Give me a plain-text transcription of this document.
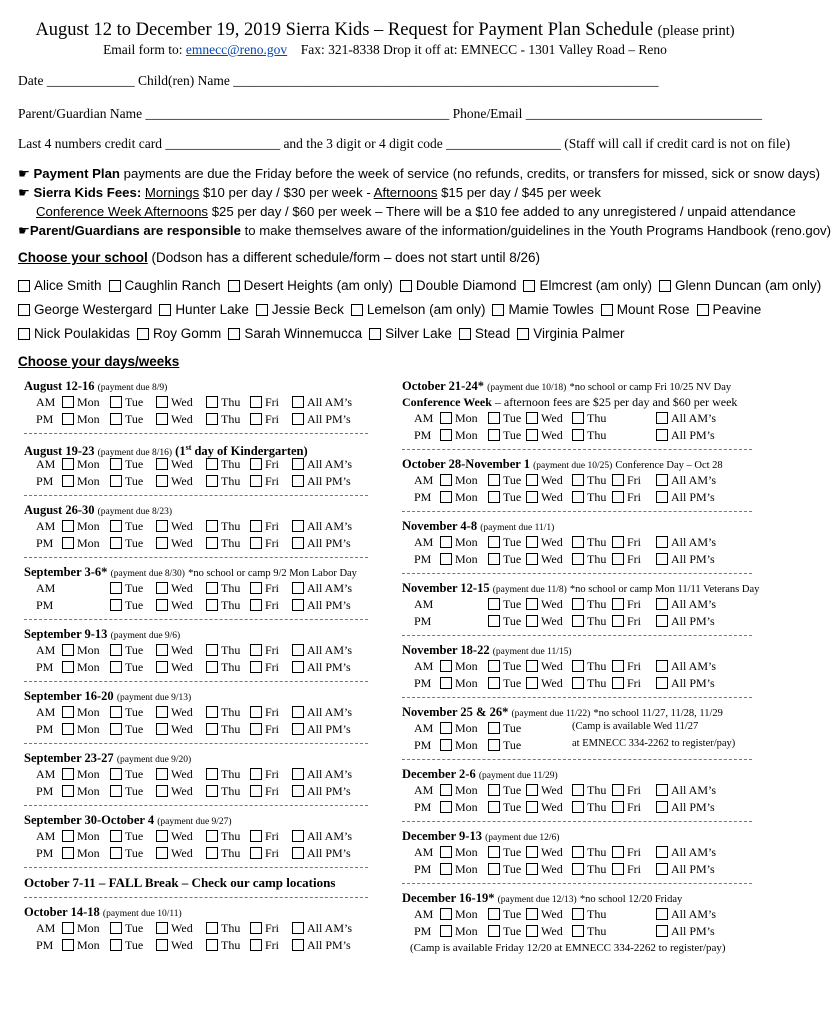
August 12 to December 19, 2019 Sierra Kids – Request for Payment Plan Schedule (please print)
Email form to: emnecc@reno.gov Fax: 321-8338 Drop it off at: EMNECC - 1301 Valley Road – Reno
Date _____________ Child(ren) Name _______________________________________________________________
Parent/Guardian Name _____________________________________________ Phone/Email ___________________________________
Last 4 numbers credit card _________________ and the 3 digit or 4 digit code _________________ (Staff will call if credit card is not on file)
☛ Payment Plan payments are due the Friday before the week of service (no refunds, credits, or transfers for missed, sick or snow days)
☛ Sierra Kids Fees: Mornings $10 per day / $30 per week - Afternoons $15 per day / $45 per week
Conference Week Afternoons $25 per day / $60 per week – There will be a $10 fee added to any unregistered / unpaid attendance
☛Parent/Guardians are responsible to make themselves aware of the information/guidelines in the Youth Programs Handbook (reno.gov)
Choose your school (Dodson has a different schedule/form – does not start until 8/26)
Alice Smith Caughlin Ranch Desert Heights (am only) Double Diamond Elmcrest (am only) Glenn Duncan (am only)
George Westergard Hunter Lake Jessie Beck Lemelson (am only) Mamie Towles Mount Rose Peavine
Nick Poulakidas Roy Gomm Sarah Winnemucca Silver Lake Stead Virginia Palmer
Choose your days/weeks
August 12-16 (payment due 8/9)
AM Mon Tue Wed Thu Fri All AM’s
PM Mon Tue Wed Thu Fri All PM’s
August 19-23 (payment due 8/16) (1st day of Kindergarten)
AM Mon Tue Wed Thu Fri All AM’s
PM Mon Tue Wed Thu Fri All PM’s
August 26-30 (payment due 8/23)
AM Mon Tue Wed Thu Fri All AM’s
PM Mon Tue Wed Thu Fri All PM’s
September 3-6* (payment due 8/30) *no school or camp 9/2 Mon Labor Day
AM	Tue Wed Thu Fri All AM’s
PM	Tue Wed Thu Fri All PM’s
September 9-13 (payment due 9/6)
AM Mon Tue Wed Thu Fri All AM’s
PM Mon Tue Wed Thu Fri All PM’s
September 16-20 (payment due 9/13)
AM Mon Tue Wed Thu Fri All AM’s
PM Mon Tue Wed Thu Fri All PM’s
September 23-27 (payment due 9/20)
AM Mon Tue Wed Thu Fri All AM’s
PM Mon Tue Wed Thu Fri All PM’s
September 30-October 4 (payment due 9/27)
AM Mon Tue Wed Thu Fri All AM’s
PM Mon Tue Wed Thu Fri All PM’s
October 7-11 – FALL Break – Check our camp locations
October 14-18 (payment due 10/11)
AM Mon Tue Wed Thu Fri All AM’s
PM Mon Tue Wed Thu Fri All PM’s
October 21-24* (payment due 10/18) *no school or camp Fri 10/25 NV Day
Conference Week – afternoon fees are $25 per day and $60 per week
AM Mon Tue Wed Thu	All AM’s
PM Mon Tue Wed Thu	All PM’s
October 28-November 1 (payment due 10/25) Conference Day – Oct 28
AM Mon Tue Wed Thu Fri All AM’s
PM Mon Tue Wed Thu Fri All PM’s
November 4-8 (payment due 11/1)
AM Mon Tue Wed Thu Fri All AM’s
PM Mon Tue Wed Thu Fri All PM’s
November 12-15 (payment due 11/8) *no school or camp Mon 11/11 Veterans Day
AM	Tue Wed Thu Fri All AM’s
PM	Tue Wed Thu Fri All PM’s
November 18-22 (payment due 11/15)
AM Mon Tue Wed Thu Fri All AM’s
PM Mon Tue Wed Thu Fri All PM’s
November 25 & 26* (payment due 11/22) *no school 11/27, 11/28, 11/29
AM Mon Tue	(Camp is available Wed 11/27
PM Mon Tue	at EMNECC 334-2262 to register/pay)
December 2-6 (payment due 11/29)
AM Mon Tue Wed Thu Fri All AM’s
PM Mon Tue Wed Thu Fri All PM’s
December 9-13 (payment due 12/6)
AM Mon Tue Wed Thu Fri All AM’s
PM Mon Tue Wed Thu Fri All PM’s
December 16-19* (payment due 12/13) *no school 12/20 Friday
AM Mon Tue Wed Thu	All AM’s
PM Mon Tue Wed Thu	All PM’s
(Camp is available Friday 12/20 at EMNECC 334-2262 to register/pay)
